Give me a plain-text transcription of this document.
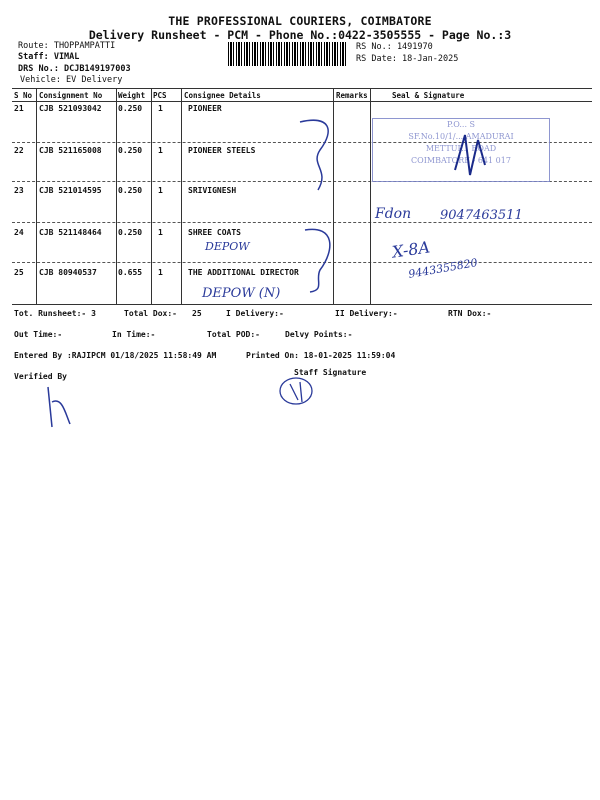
THE PROFESSIONAL COURIERS, COIMBATORE
Delivery Runsheet - PCM - Phone No.:0422-3505555 - Page No.:3
Route: THOPPAMPATTI
Staff: VIMAL
DRS No.: DCJB149197003
Vehicle: EV Delivery
RS No.: 1491970
RS Date: 18-Jan-2025
S No Consignment No Weight PCS Consignee Details	Remarks	Seal & Signature
21 CJB 521093042 0.250 1	PIONEER
22 CJB 521165008 0.250 1	PIONEER STEELS
23 CJB 521014595 0.250 1	SRIVIGNESH
24 CJB 521148464 0.250 1	SHREE COATS
25 CJB 80940537	0.655 1	THE ADDITIONAL DIRECTOR
P.O... S
SF.No.10/1/... AMADURAI
METTUP... ROAD
COIMBATORE - 641 017
Fdon 9047463511
DEPOW	X-8A
9443355820
DEPOW (N)
Tot. Runsheet:- 3	Total Dox:- 25	I Delivery:-	II Delivery:-	RTN Dox:-
Out Time:-	In Time:-	Total POD:-	Delvy Points:-
Entered By :RAJIPCM 01/18/2025 11:58:49 AM	Printed On: 18-01-2025 11:59:04
Verified By	Staff Signature
